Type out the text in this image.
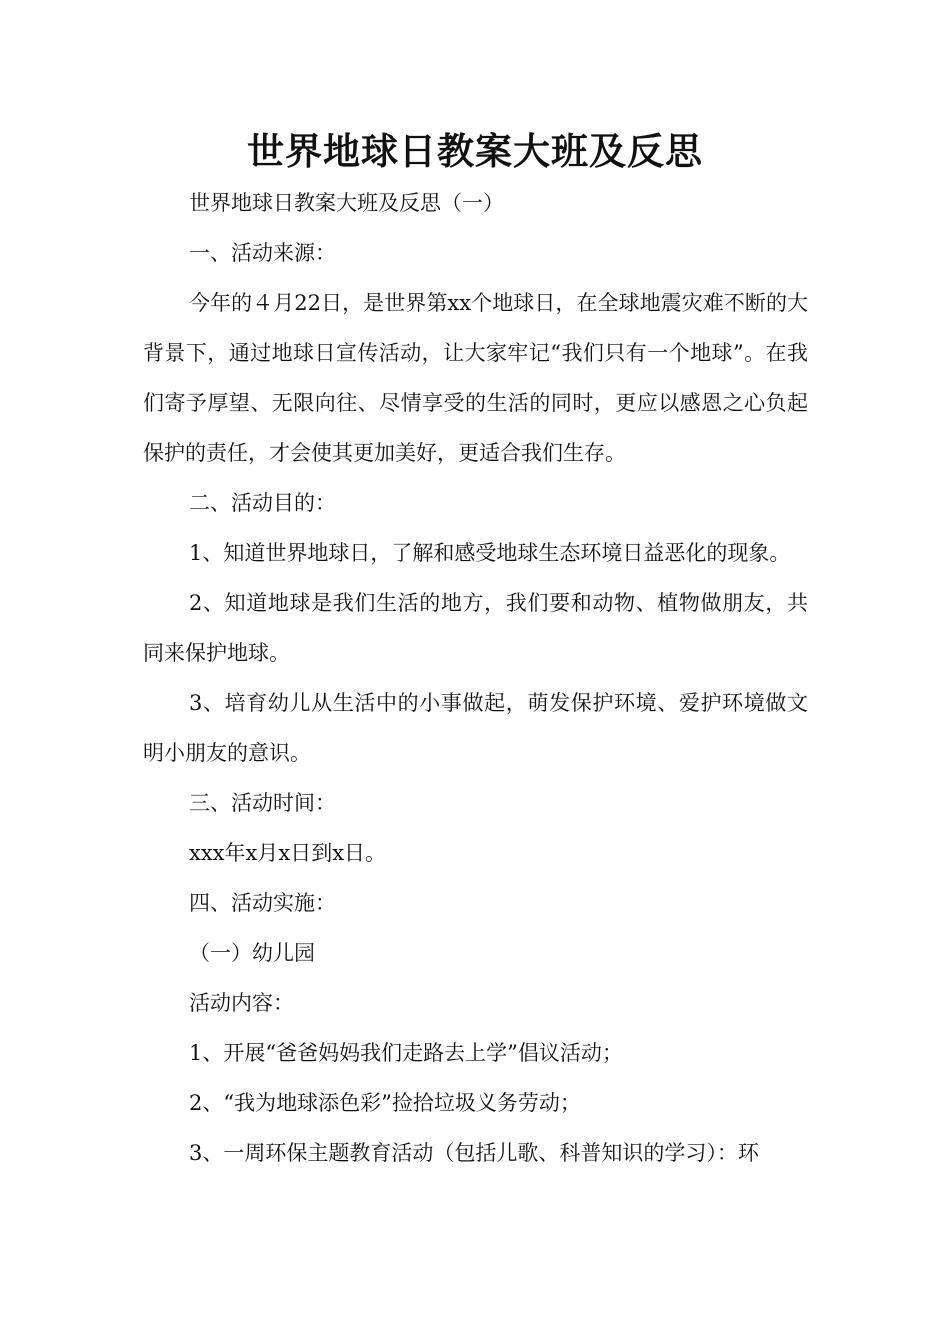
世界地球日教案大班及反思

世界地球日教案大班及反思（一）

一、活动来源：

今年的４月22日，是世界第xx个地球日，在全球地震灾难不断的大背景下，通过地球日宣传活动，让大家牢记“我们只有一个地球”。在我们寄予厚望、无限向往、尽情享受的生活的同时，更应以感恩之心负起保护的责任，才会使其更加美好，更适合我们生存。

二、活动目的：

1、知道世界地球日，了解和感受地球生态环境日益恶化的现象。

2、知道地球是我们生活的地方，我们要和动物、植物做朋友，共同来保护地球。

3、培育幼儿从生活中的小事做起，萌发保护环境、爱护环境做文明小朋友的意识。

三、活动时间：

xxx年x月x日到x日。

四、活动实施：

（一）幼儿园

活动内容：

1、开展“爸爸妈妈我们走路去上学”倡议活动；

2、“我为地球添色彩”捡拾垃圾义务劳动；

3、一周环保主题教育活动（包括儿歌、科普知识的学习）：环
